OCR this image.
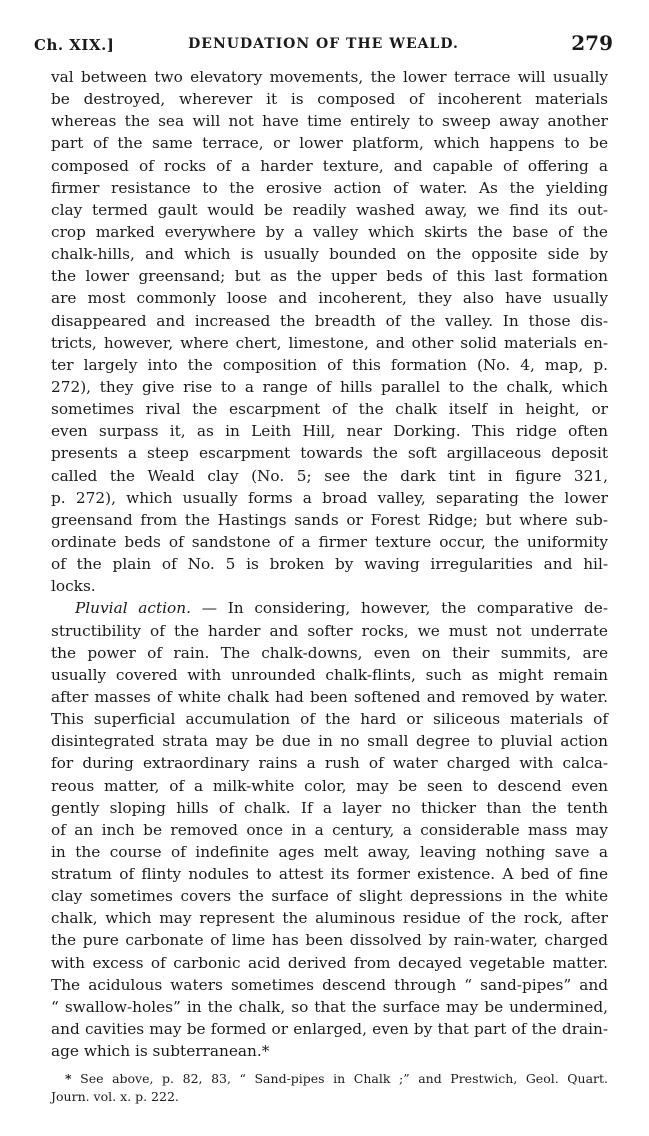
Ch. XIX.]	DENUDATION OF THE WEALD.	279
val between two elevatory movements, the lower terrace will usually
be destroyed, wherever it is composed of incoherent materials
whereas the sea will not have time entirely to sweep away another
part of the same terrace, or lower platform, which happens to be
composed of rocks of a harder texture, and capable of offering a
firmer resistance to the erosive action of water. As the yielding
clay termed gault would be readily washed away, we find its out-
crop marked everywhere by a valley which skirts the base of the
chalk-hills, and which is usually bounded on the opposite side by
the lower greensand; but as the upper beds of this last formation
are most commonly loose and incoherent, they also have usually
disappeared and increased the breadth of the valley. In those dis-
tricts, however, where chert, limestone, and other solid materials en-
ter largely into the composition of this formation (No. 4, map, p.
272), they give rise to a range of hills parallel to the chalk, which
sometimes rival the escarpment of the chalk itself in height, or
even surpass it, as in Leith Hill, near Dorking. This ridge often
presents a steep escarpment towards the soft argillaceous deposit
called the Weald clay (No. 5; see the dark tint in figure 321,
p. 272), which usually forms a broad valley, separating the lower
greensand from the Hastings sands or Forest Ridge; but where sub-
ordinate beds of sandstone of a firmer texture occur, the uniformity
of the plain of No. 5 is broken by waving irregularities and hil-
locks.
Pluvial action. — In considering, however, the comparative de-
structibility of the harder and softer rocks, we must not underrate
the power of rain. The chalk-downs, even on their summits, are
usually covered with unrounded chalk-flints, such as might remain
after masses of white chalk had been softened and removed by water.
This superficial accumulation of the hard or siliceous materials of
disintegrated strata may be due in no small degree to pluvial action
for during extraordinary rains a rush of water charged with calca-
reous matter, of a milk-white color, may be seen to descend even
gently sloping hills of chalk. If a layer no thicker than the tenth
of an inch be removed once in a century, a considerable mass may
in the course of indefinite ages melt away, leaving nothing save a
stratum of flinty nodules to attest its former existence. A bed of fine
clay sometimes covers the surface of slight depressions in the white
chalk, which may represent the aluminous residue of the rock, after
the pure carbonate of lime has been dissolved by rain-water, charged
with excess of carbonic acid derived from decayed vegetable matter.
The acidulous waters sometimes descend through “ sand-pipes” and
“ swallow-holes” in the chalk, so that the surface may be undermined,
and cavities may be formed or enlarged, even by that part of the drain-
age which is subterranean.*
* See above, p. 82, 83, “ Sand-pipes in Chalk ;” and Prestwich, Geol. Quart.
Journ. vol. x. p. 222.
